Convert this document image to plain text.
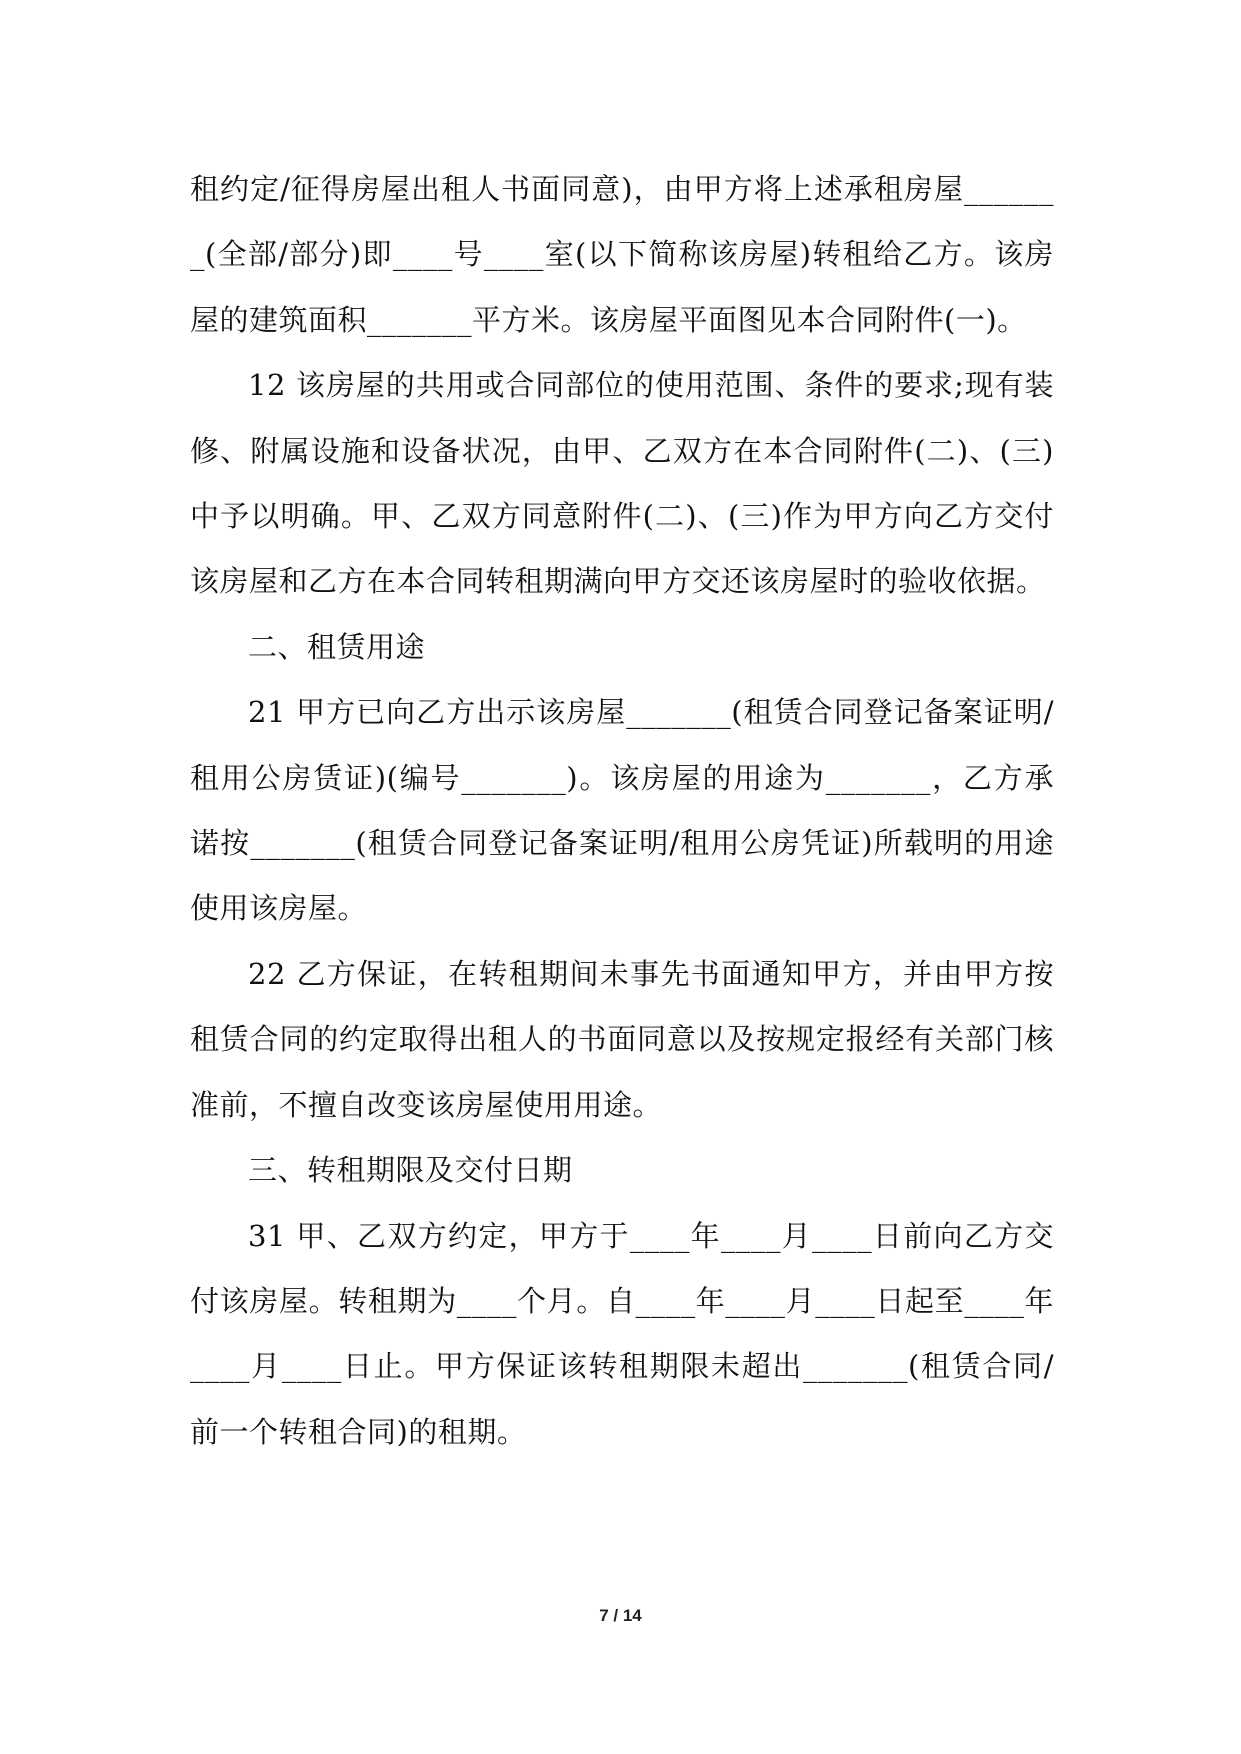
租约定/征得房屋出租人书面同意)，由甲方将上述承租房屋_______(全部/部分)即____号____室(以下简称该房屋)转租给乙方。该房屋的建筑面积_______平方米。该房屋平面图见本合同附件(一)。

12 该房屋的共用或合同部位的使用范围、条件的要求;现有装修、附属设施和设备状况，由甲、乙双方在本合同附件(二)、(三)中予以明确。甲、乙双方同意附件(二)、(三)作为甲方向乙方交付该房屋和乙方在本合同转租期满向甲方交还该房屋时的验收依据。

二、租赁用途

21 甲方已向乙方出示该房屋_______(租赁合同登记备案证明/租用公房赁证)(编号_______)。该房屋的用途为_______，乙方承诺按_______(租赁合同登记备案证明/租用公房凭证)所载明的用途使用该房屋。

22 乙方保证，在转租期间未事先书面通知甲方，并由甲方按租赁合同的约定取得出租人的书面同意以及按规定报经有关部门核准前，不擅自改变该房屋使用用途。

三、转租期限及交付日期

31 甲、乙双方约定，甲方于____年____月____日前向乙方交付该房屋。转租期为____个月。自____年____月____日起至____年____月____日止。甲方保证该转租期限未超出_______(租赁合同/前一个转租合同)的租期。

7 / 14
